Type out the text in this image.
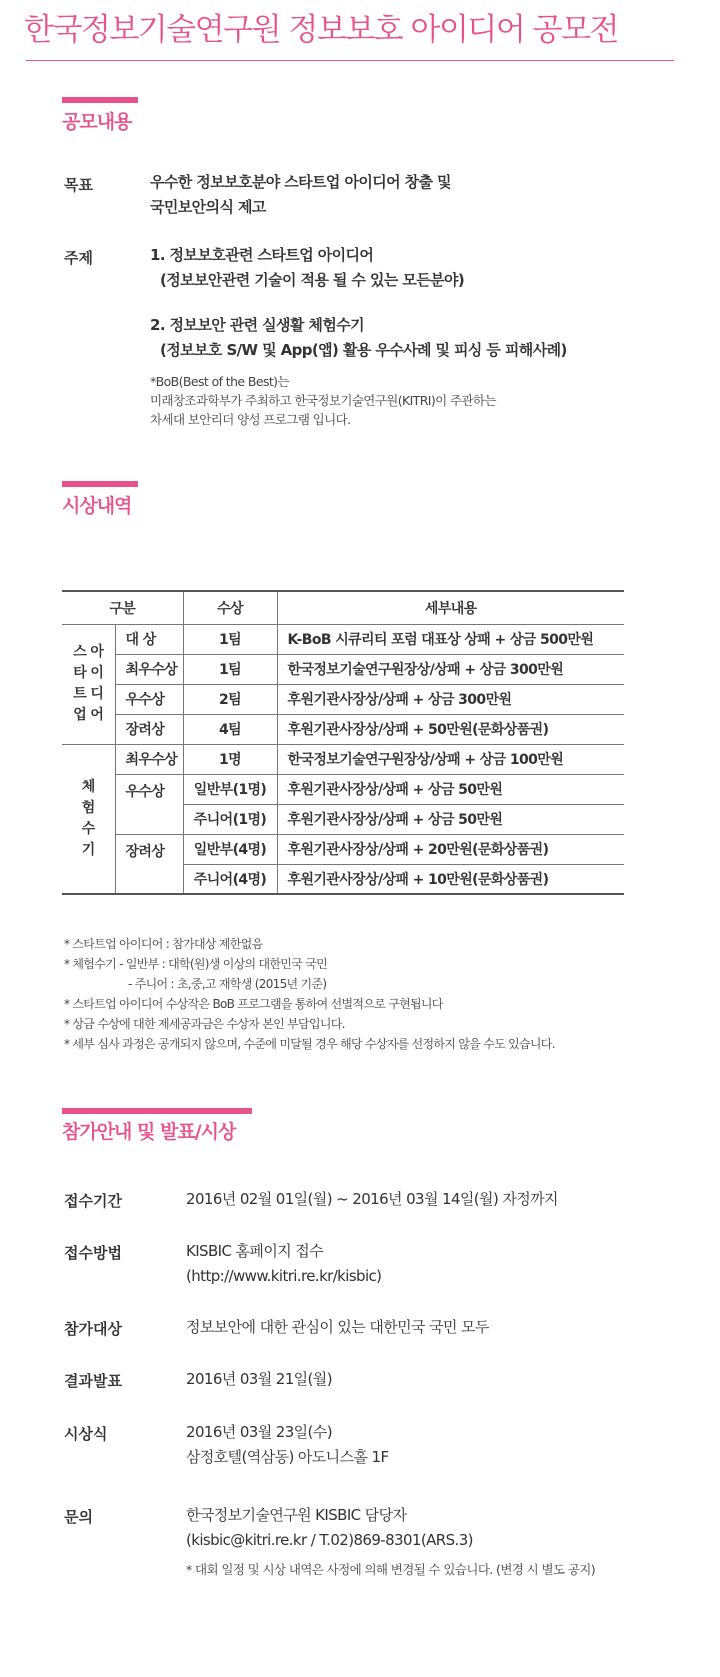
한국정보기술연구원 정보보호 아이디어 공모전
공모내용
목표	우수한 정보보호분야 스타트업 아이디어 창출 및
국민보안의식 제고
주제	1. 정보보호관련 스타트업 아이디어
(정보보안관련 기술이 적용 될 수 있는 모든분야)
2. 정보보안 관련 실생활 체험수기
(정보보호 S/W 및 App(앱) 활용 우수사례 및 피싱 등 피해사례)
*BoB(Best of the Best)는
미래창조과학부가 주최하고 한국정보기술연구원(KITRI)이 주관하는
차세대 보안리더 양성 프로그램 입니다.
시상내역
구분		수상	세부내용

스 아
타 이
트 디
업 어	대 상	1팀	K-BoB 시큐리티 포럼 대표상 상패 + 상금 500만원
	최우수상	1팀	한국정보기술연구원장상/상패 + 상금 300만원
	우수상	2팀	후원기관사장상/상패 + 상금 300만원
	장려상	4팀	후원기관사장상/상패 + 50만원(문화상품권)

체
험
수
기	최우수상	1명	한국정보기술연구원장상/상패 + 상금 100만원
	우수상	일반부(1명)	후원기관사장상/상패 + 상금 50만원
		주니어(1명)	후원기관사장상/상패 + 상금 50만원
	장려상	일반부(4명)	후원기관사장상/상패 + 20만원(문화상품권)
		주니어(4명)	후원기관사장상/상패 + 10만원(문화상품권)
* 스타트업 아이디어 : 참가대상 제한없음
* 체험수기 - 일반부 : 대학(원)생 이상의 대한민국 국민
- 주니어 : 초,중,고 재학생 (2015년 기준)
* 스타트업 아이디어 수상작은 BoB 프로그램을 통하여 선별적으로 구현됩니다
* 상금 수상에 대한 제세공과금은 수상자 본인 부담입니다.
* 세부 심사 과정은 공개되지 않으며, 수준에 미달될 경우 해당 수상자를 선정하지 않을 수도 있습니다.
참가안내 및 발표/시상
접수기간	2016년 02월 01일(월) ~ 2016년 03월 14일(월) 자정까지
접수방법	KISBIC 홈페이지 접수
(http://www.kitri.re.kr/kisbic)
참가대상	정보보안에 대한 관심이 있는 대한민국 국민 모두
결과발표	2016년 03월 21일(월)
시상식	2016년 03월 23일(수)
삼정호텔(역삼동) 아도니스홀 1F
문의	한국정보기술연구원 KISBIC 담당자
(kisbic@kitri.re.kr / T.02)869-8301(ARS.3)
* 대회 일정 및 시상 내역은 사정에 의해 변경될 수 있습니다. (변경 시 별도 공지)
